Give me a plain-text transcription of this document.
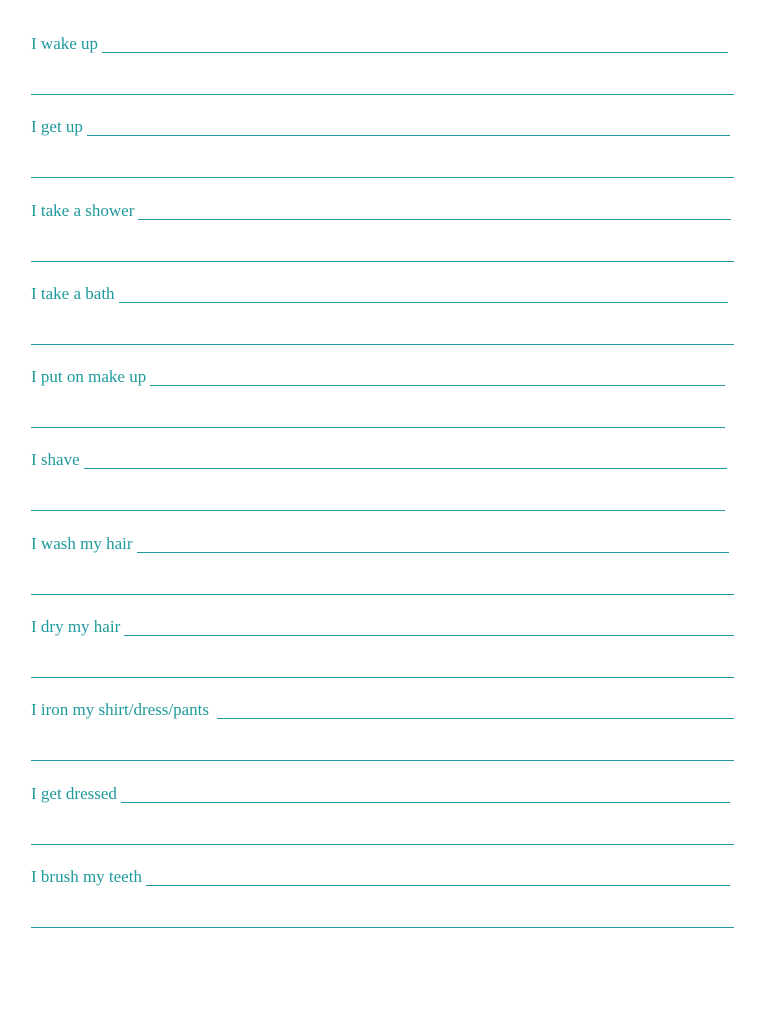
I wake up
I get up
I take a shower
I take a bath
I put on make up
I shave
I wash my hair
I dry my hair
I iron my shirt/dress/pants
I get dressed
I brush my teeth
